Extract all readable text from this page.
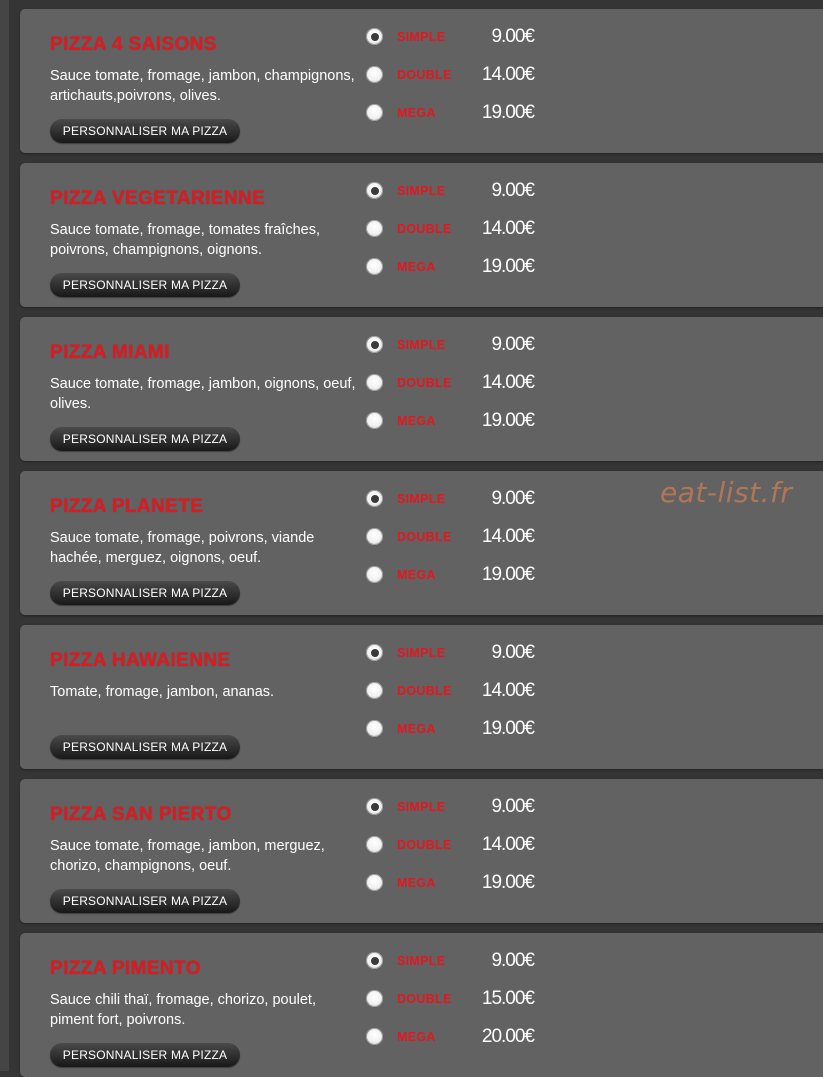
PIZZA 4 SAISONS
Sauce tomate, fromage, jambon, champignons, artichauts,poivrons, olives.
PERSONNALISER MA PIZZA
SIMPLE 9.00€
DOUBLE 14.00€
MEGA 19.00€
PIZZA VEGETARIENNE
Sauce tomate, fromage, tomates fraîches, poivrons, champignons, oignons.
PERSONNALISER MA PIZZA
SIMPLE 9.00€
DOUBLE 14.00€
MEGA 19.00€
PIZZA MIAMI
Sauce tomate, fromage, jambon, oignons, oeuf, olives.
PERSONNALISER MA PIZZA
SIMPLE 9.00€
DOUBLE 14.00€
MEGA 19.00€
PIZZA PLANETE
Sauce tomate, fromage, poivrons, viande hachée, merguez, oignons, oeuf.
PERSONNALISER MA PIZZA
SIMPLE 9.00€
DOUBLE 14.00€
MEGA 19.00€
PIZZA HAWAIENNE
Tomate, fromage, jambon, ananas.
PERSONNALISER MA PIZZA
SIMPLE 9.00€
DOUBLE 14.00€
MEGA 19.00€
PIZZA SAN PIERTO
Sauce tomate, fromage, jambon, merguez, chorizo, champignons, oeuf.
PERSONNALISER MA PIZZA
SIMPLE 9.00€
DOUBLE 14.00€
MEGA 19.00€
PIZZA PIMENTO
Sauce chili thaï, fromage, chorizo, poulet, piment fort, poivrons.
PERSONNALISER MA PIZZA
SIMPLE 9.00€
DOUBLE 15.00€
MEGA 20.00€
eat-list.fr
